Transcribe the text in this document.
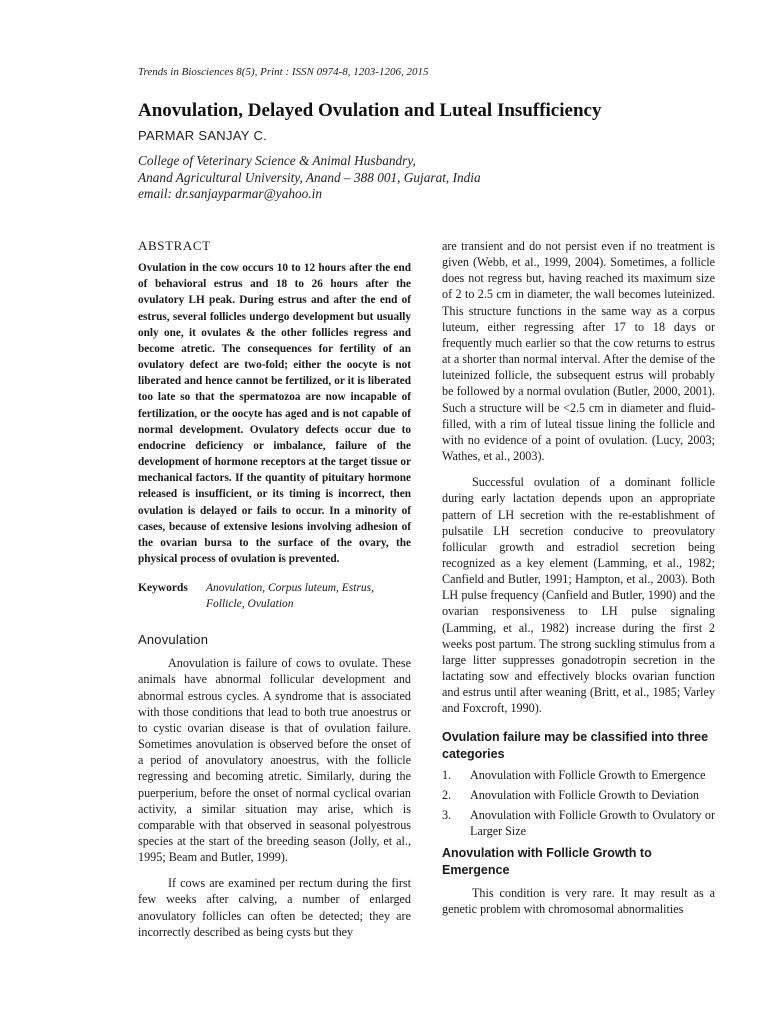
Trends in Biosciences 8(5), Print : ISSN 0974-8, 1203-1206, 2015
Anovulation, Delayed Ovulation and Luteal Insufficiency
PARMAR SANJAY C.
College of Veterinary Science & Animal Husbandry,
Anand Agricultural University, Anand – 388 001, Gujarat, India
email: dr.sanjayparmar@yahoo.in
ABSTRACT

Ovulation in the cow occurs 10 to 12 hours after the end of behavioral estrus and 18 to 26 hours after the ovulatory LH peak. During estrus and after the end of estrus, several follicles undergo development but usually only one, it ovulates & the other follicles regress and become atretic. The consequences for fertility of an ovulatory defect are two-fold; either the oocyte is not liberated and hence cannot be fertilized, or it is liberated too late so that the spermatozoa are now incapable of fertilization, or the oocyte has aged and is not capable of normal development. Ovulatory defects occur due to endocrine deficiency or imbalance, failure of the development of hormone receptors at the target tissue or mechanical factors. If the quantity of pituitary hormone released is insufficient, or its timing is incorrect, then ovulation is delayed or fails to occur. In a minority of cases, because of extensive lesions involving adhesion of the ovarian bursa to the surface of the ovary, the physical process of ovulation is prevented.

Keywords	Anovulation, Corpus luteum, Estrus, Follicle, Ovulation
Anovulation

Anovulation is failure of cows to ovulate. These animals have abnormal follicular development and abnormal estrous cycles. A syndrome that is associated with those conditions that lead to both true anoestrus or to cystic ovarian disease is that of ovulation failure. Sometimes anovulation is observed before the onset of a period of anovulatory anoestrus, with the follicle regressing and becoming atretic. Similarly, during the puerperium, before the onset of normal cyclical ovarian activity, a similar situation may arise, which is comparable with that observed in seasonal polyestrous species at the start of the breeding season (Jolly, et al., 1995; Beam and Butler, 1999).

If cows are examined per rectum during the first few weeks after calving, a number of enlarged anovulatory follicles can often be detected; they are incorrectly described as being cysts but they

are transient and do not persist even if no treatment is given (Webb, et al., 1999, 2004). Sometimes, a follicle does not regress but, having reached its maximum size of 2 to 2.5 cm in diameter, the wall becomes luteinized. This structure functions in the same way as a corpus luteum, either regressing after 17 to 18 days or frequently much earlier so that the cow returns to estrus at a shorter than normal interval. After the demise of the luteinized follicle, the subsequent estrus will probably be followed by a normal ovulation (Butler, 2000, 2001). Such a structure will be <2.5 cm in diameter and fluid-filled, with a rim of luteal tissue lining the follicle and with no evidence of a point of ovulation. (Lucy, 2003; Wathes, et al., 2003).

Successful ovulation of a dominant follicle during early lactation depends upon an appropriate pattern of LH secretion with the re-establishment of pulsatile LH secretion conducive to preovulatory follicular growth and estradiol secretion being recognized as a key element (Lamming, et al., 1982; Canfield and Butler, 1991; Hampton, et al., 2003). Both LH pulse frequency (Canfield and Butler, 1990) and the ovarian responsiveness to LH pulse signaling (Lamming, et al., 1982) increase during the first 2 weeks post partum. The strong suckling stimulus from a large litter suppresses gonadotropin secretion in the lactating sow and effectively blocks ovarian function and estrus until after weaning (Britt, et al., 1985; Varley and Foxcroft, 1990).

Ovulation failure may be classified into three categories
1.	Anovulation with Follicle Growth to Emergence
2.	Anovulation with Follicle Growth to Deviation
3.	Anovulation with Follicle Growth to Ovulatory or Larger Size
Anovulation with Follicle Growth to Emergence

This condition is very rare. It may result as a genetic problem with chromosomal abnormalities
